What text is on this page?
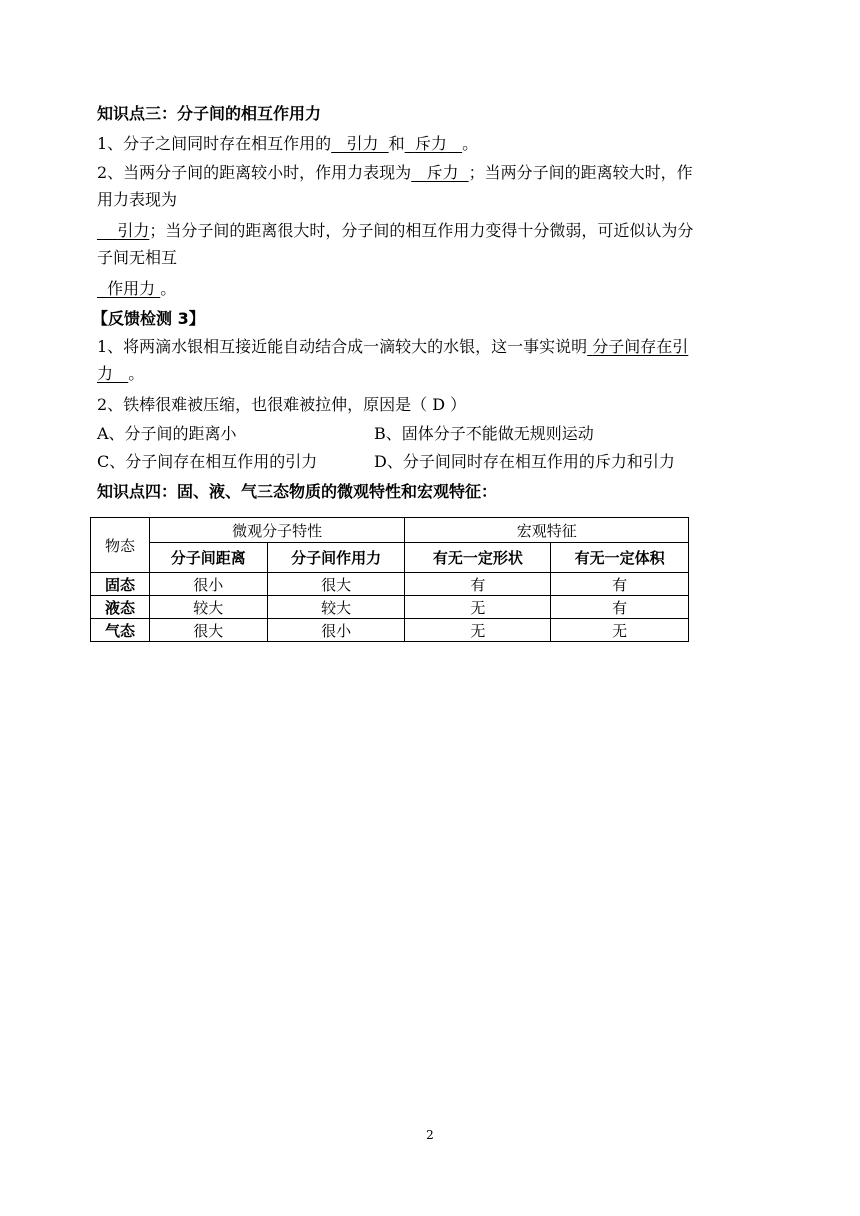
知识点三：分子间的相互作用力
1、分子之间同时存在相互作用的 引力 和 斥力 。
2、当两分子间的距离较小时，作用力表现为 斥力 ；当两分子间的距离较大时，作
用力表现为
引力；当分子间的距离很大时，分子间的相互作用力变得十分微弱，可近似认为分
子间无相互
作用力 。
【反馈检测 3】
1、将两滴水银相互接近能自动结合成一滴较大的水银，这一事实说明 分子间存在引
力 。
2、铁棒很难被压缩，也很难被拉伸，原因是（ D ）
A、分子间的距离小	B、固体分子不能做无规则运动
C、分子间存在相互作用的引力	D、分子间同时存在相互作用的斥力和引力
知识点四：固、液、气三态物质的微观特性和宏观特征：
物态	微观分子特性		宏观特征	
	分子间距离	分子间作用力	有无一定形状	有无一定体积
固态	很小	很大	有	有
液态	较大	较大	无	有
气态	很大	很小	无	无
2
